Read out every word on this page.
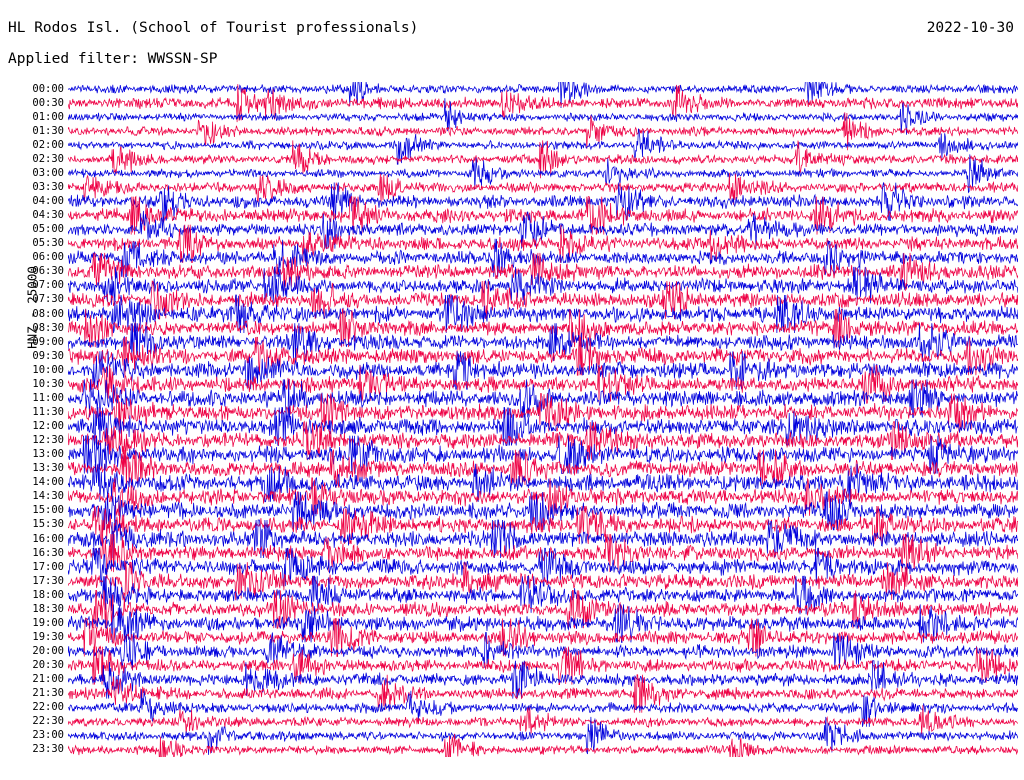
HL Rodos Isl. (School of Tourist professionals)
Applied filter: WWSSN-SP
2022-10-30
HNZ - 25000
00:00
00:30
01:00
01:30
02:00
02:30
03:00
03:30
04:00
04:30
05:00
05:30
06:00
06:30
07:00
07:30
08:00
08:30
09:00
09:30
10:00
10:30
11:00
11:30
12:00
12:30
13:00
13:30
14:00
14:30
15:00
15:30
16:00
16:30
17:00
17:30
18:00
18:30
19:00
19:30
20:00
20:30
21:00
21:30
22:00
22:30
23:00
23:30
